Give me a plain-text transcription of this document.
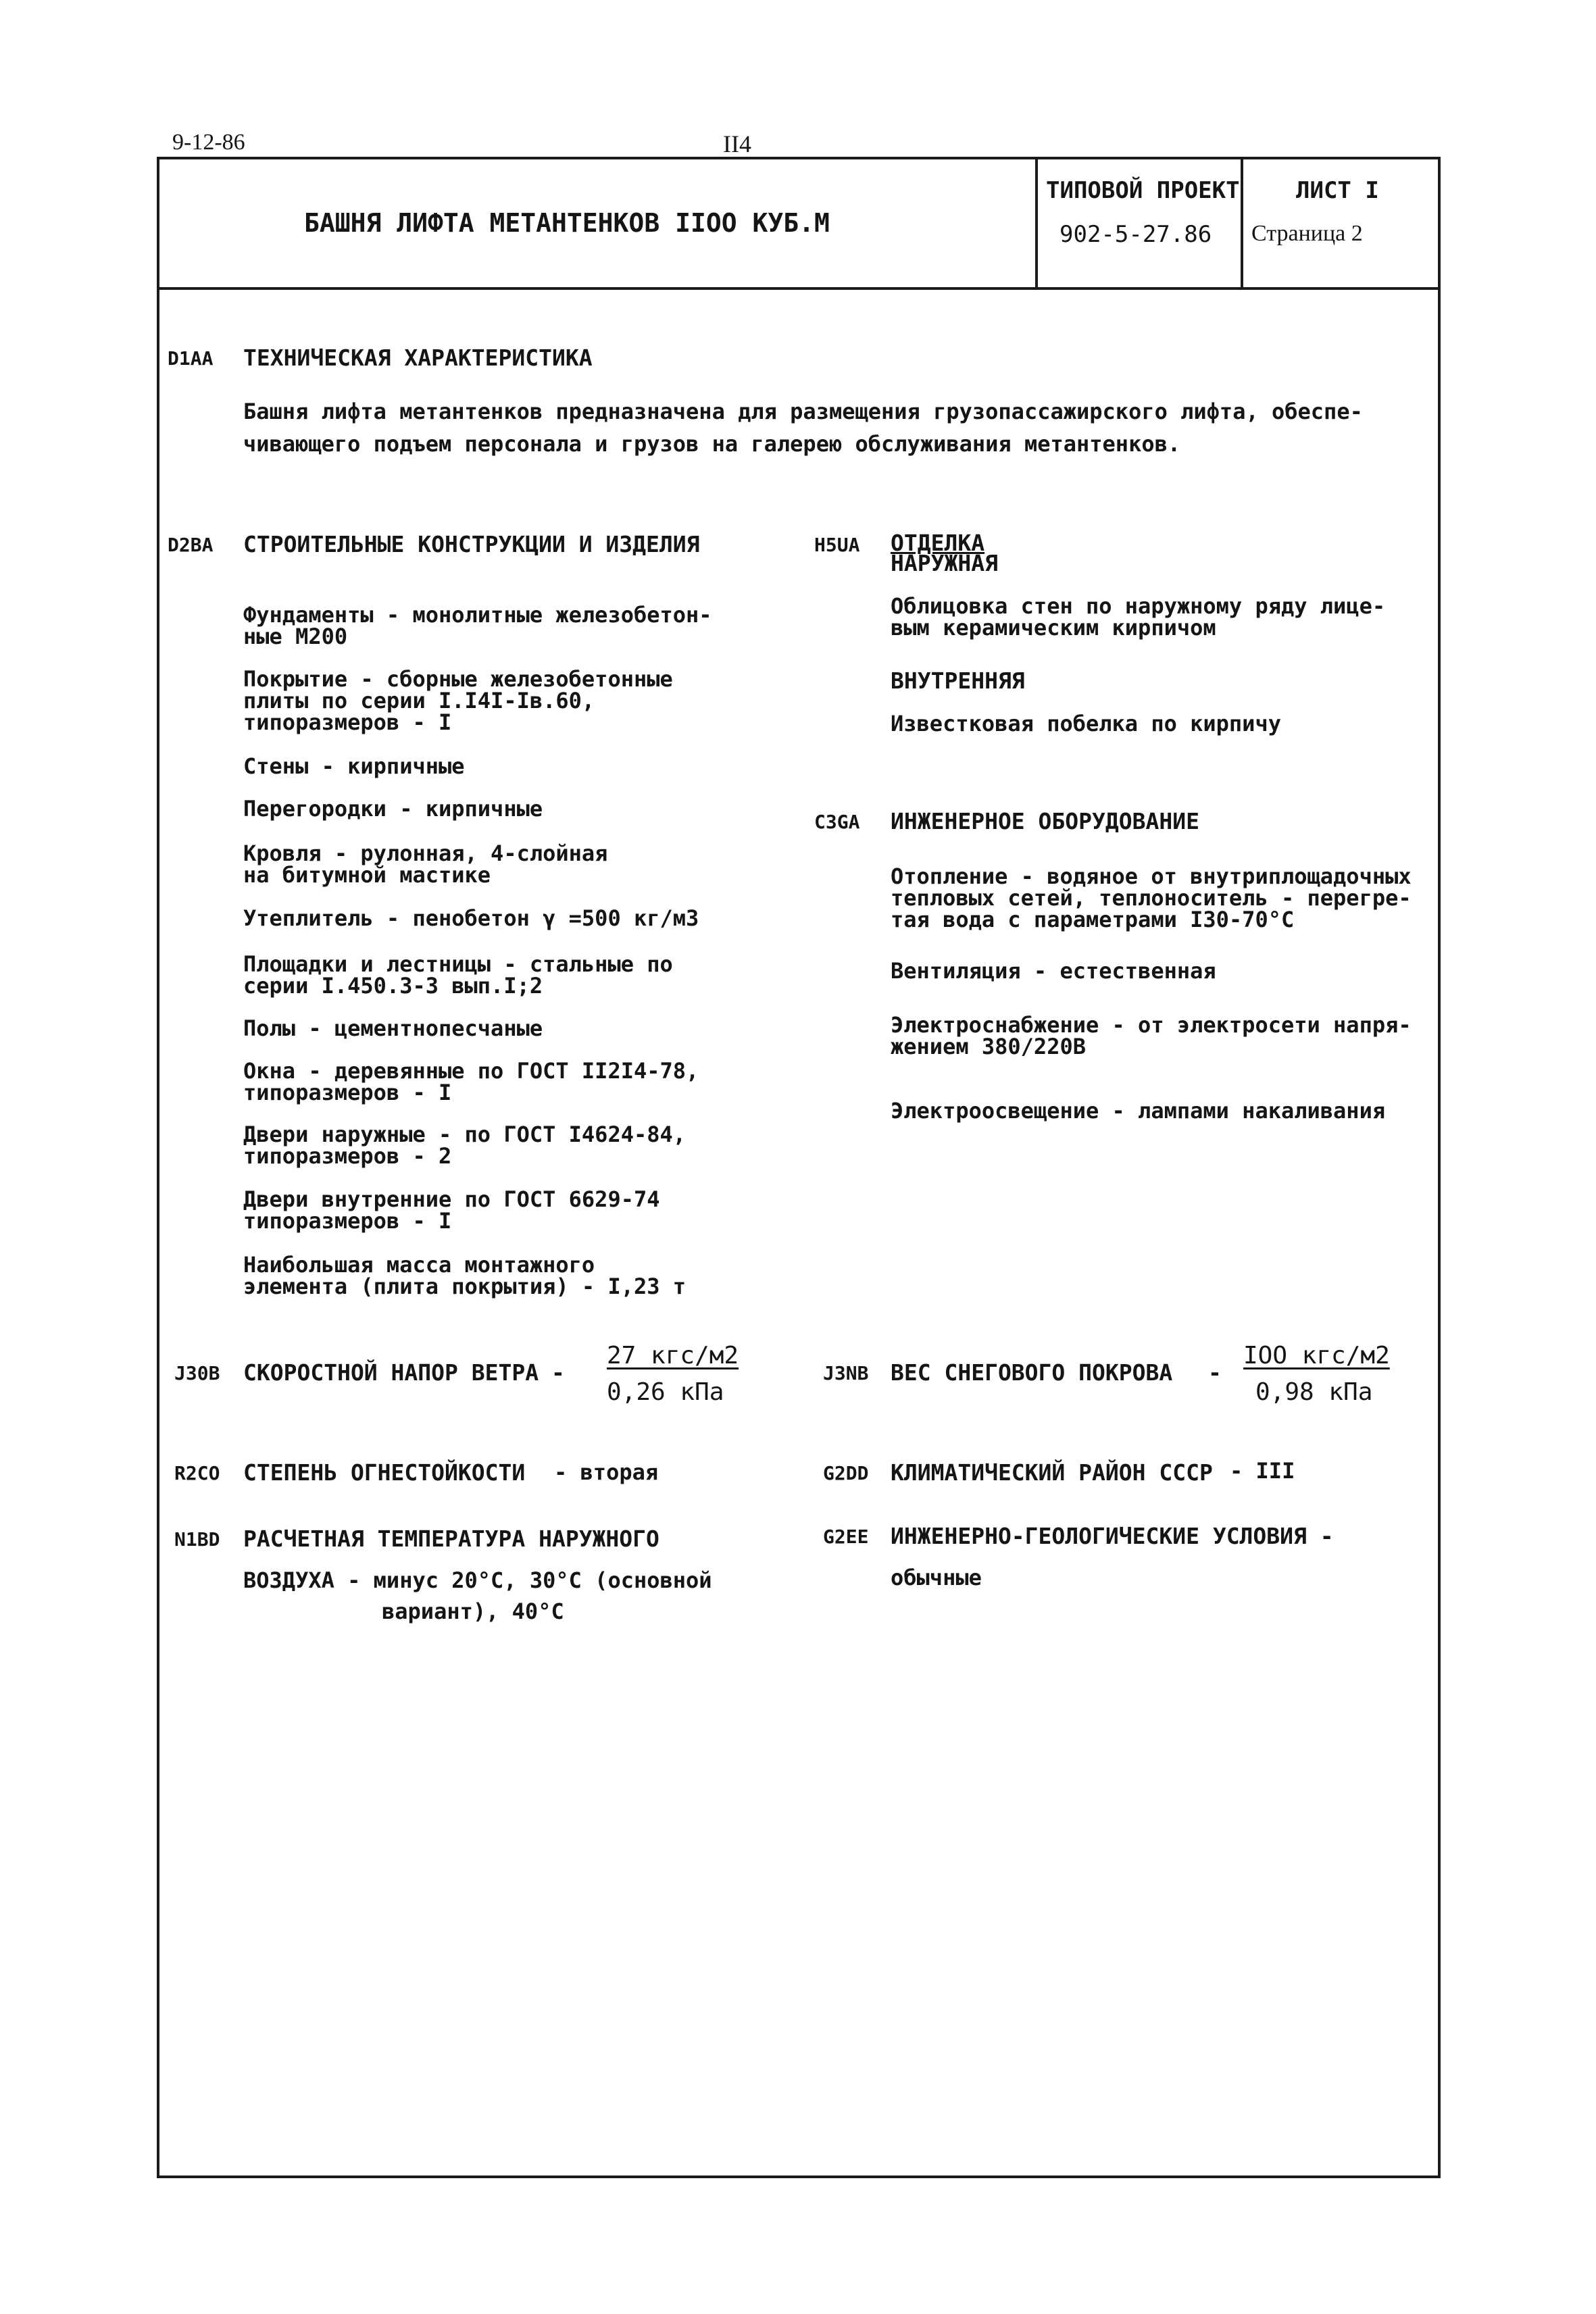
9-12-86	II4
БАШНЯ ЛИФТА МЕТАНТЕНКОВ IIOO КУБ.М
ТИПОВОЙ ПРОЕКТ
902-5-27.86
ЛИСТ I
Страница 2
D1AA ТЕХНИЧЕСКАЯ ХАРАКТЕРИСТИКА
Башня лифта метантенков предназначена для размещения грузопассажирского лифта, обеспе-
чивающего подъем персонала и грузов на галерею обслуживания метантенков.
D2BA СТРОИТЕЛЬНЫЕ КОНСТРУКЦИИ И ИЗДЕЛИЯ
Фундаменты - монолитные железобетон-
ные М200
Покрытие - сборные железобетонные
плиты по серии I.I4I-Iв.60,
типоразмеров - I
Стены - кирпичные
Перегородки - кирпичные
Кровля - рулонная, 4-слойная
на битумной мастике
Утеплитель - пенобетон γ =500 кг/м3
Площадки и лестницы - стальные по
серии I.450.3-3 вып.I;2
Полы - цементнопесчаные
Окна - деревянные по ГОСТ II2I4-78,
типоразмеров - I
Двери наружные - по ГОСТ I4624-84,
типоразмеров - 2
Двери внутренние по ГОСТ 6629-74
типоразмеров - I
Наибольшая масса монтажного
элемента (плита покрытия) - I,23 т
H5UA ОТДЕЛКА
НАРУЖНАЯ
Облицовка стен по наружному ряду лице-
вым керамическим кирпичом
ВНУТРЕННЯЯ
Известковая побелка по кирпичу
C3GA ИНЖЕНЕРНОЕ ОБОРУДОВАНИЕ
Отопление - водяное от внутриплощадочных
тепловых сетей, теплоноситель - перегре-
тая вода с параметрами I30-70°C
Вентиляция - естественная
Электроснабжение - от электросети напря-
жением 380/220В
Электроосвещение - лампами накаливания
J30B СКОРОСТНОЙ НАПОР ВЕТРА -
27 кгс/м2
0,26 кПа
J3NB ВЕС СНЕГОВОГО ПОКРОВА -
IOO кгс/м2
0,98 кПа
R2CO СТЕПЕНЬ ОГНЕСТОЙКОСТИ - вторая	G2DD КЛИМАТИЧЕСКИЙ РАЙОН СССР - III
N1BD РАСЧЕТНАЯ ТЕМПЕРАТУРА НАРУЖНОГО
ВОЗДУХА - минус 20°С, 30°С (основной
вариант), 40°С
G2EE ИНЖЕНЕРНО-ГЕОЛОГИЧЕСКИЕ УСЛОВИЯ -
обычные
